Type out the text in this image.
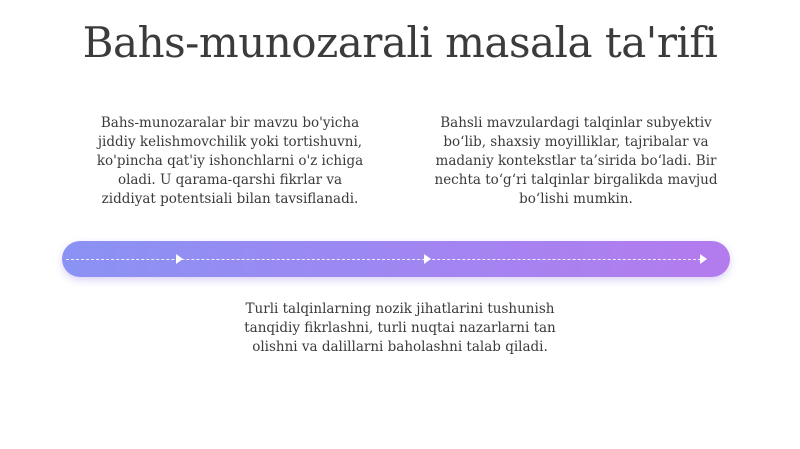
Bahs-munozarali masala ta'rifi
Bahs-munozaralar bir mavzu bo'yicha
jiddiy kelishmovchilik yoki tortishuvni,
ko'pincha qat'iy ishonchlarni o'z ichiga
oladi. U qarama-qarshi fikrlar va
ziddiyat potentsiali bilan tavsiflanadi.
Bahsli mavzulardagi talqinlar subyektiv
bo‘lib, shaxsiy moyilliklar, tajribalar va
madaniy kontekstlar ta’sirida bo‘ladi. Bir
nechta to‘g‘ri talqinlar birgalikda mavjud
bo‘lishi mumkin.
Turli talqinlarning nozik jihatlarini tushunish
tanqidiy fikrlashni, turli nuqtai nazarlarni tan
olishni va dalillarni baholashni talab qiladi.
